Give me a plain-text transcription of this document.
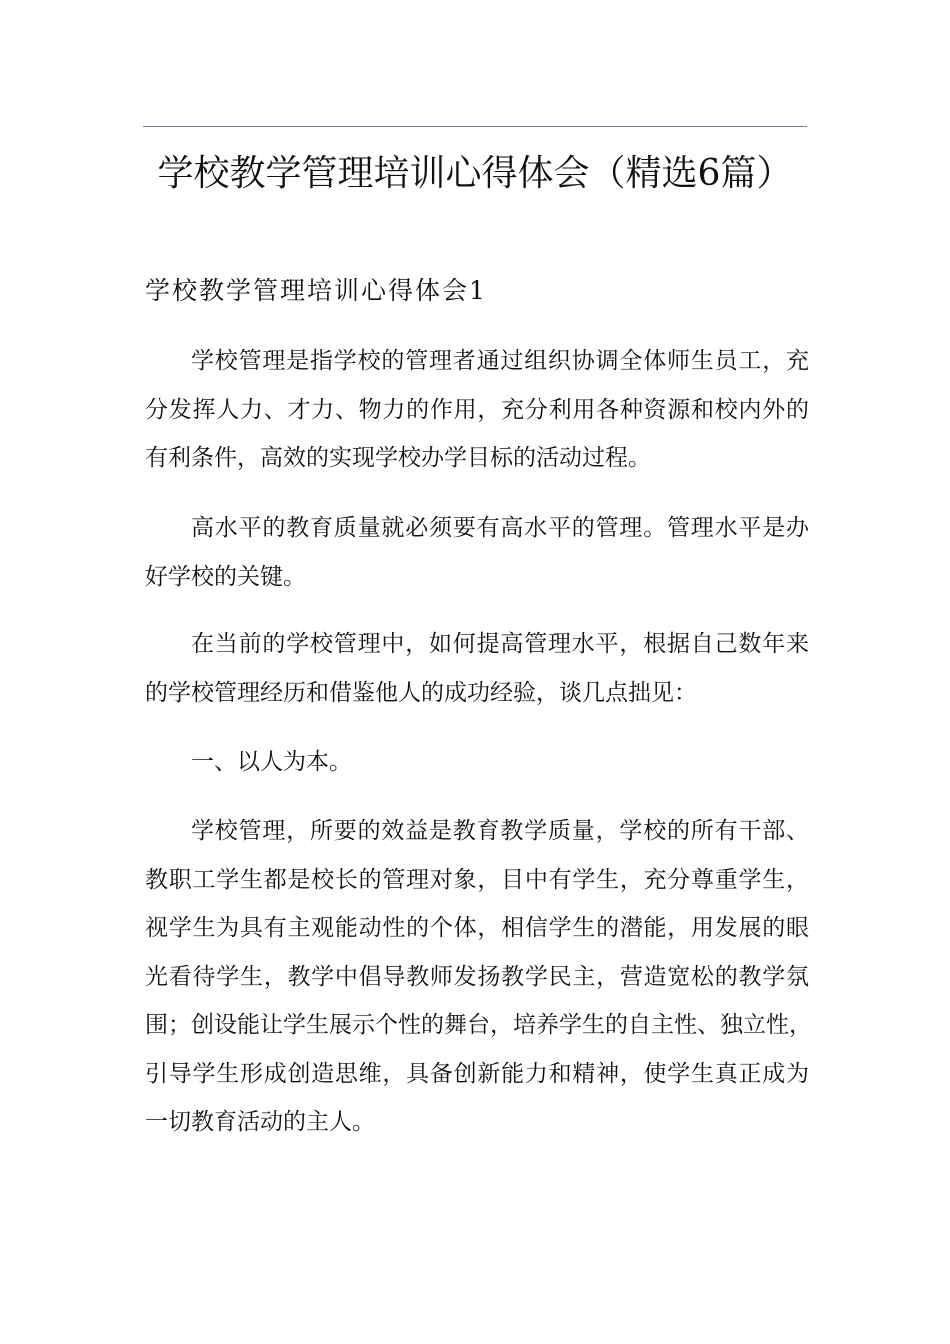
学校教学管理培训心得体会（精选6篇）
学校教学管理培训心得体会1
学校管理是指学校的管理者通过组织协调全体师生员工，充
分发挥人力、才力、物力的作用，充分利用各种资源和校内外的
有利条件，高效的实现学校办学目标的活动过程。
高水平的教育质量就必须要有高水平的管理。管理水平是办
好学校的关键。
在当前的学校管理中，如何提高管理水平，根据自己数年来
的学校管理经历和借鉴他人的成功经验，谈几点拙见：
一、以人为本。
学校管理，所要的效益是教育教学质量，学校的所有干部、
教职工学生都是校长的管理对象，目中有学生，充分尊重学生，
视学生为具有主观能动性的个体，相信学生的潜能，用发展的眼
光看待学生，教学中倡导教师发扬教学民主，营造宽松的教学氛
围；创设能让学生展示个性的舞台，培养学生的自主性、独立性，
引导学生形成创造思维，具备创新能力和精神，使学生真正成为
一切教育活动的主人。
